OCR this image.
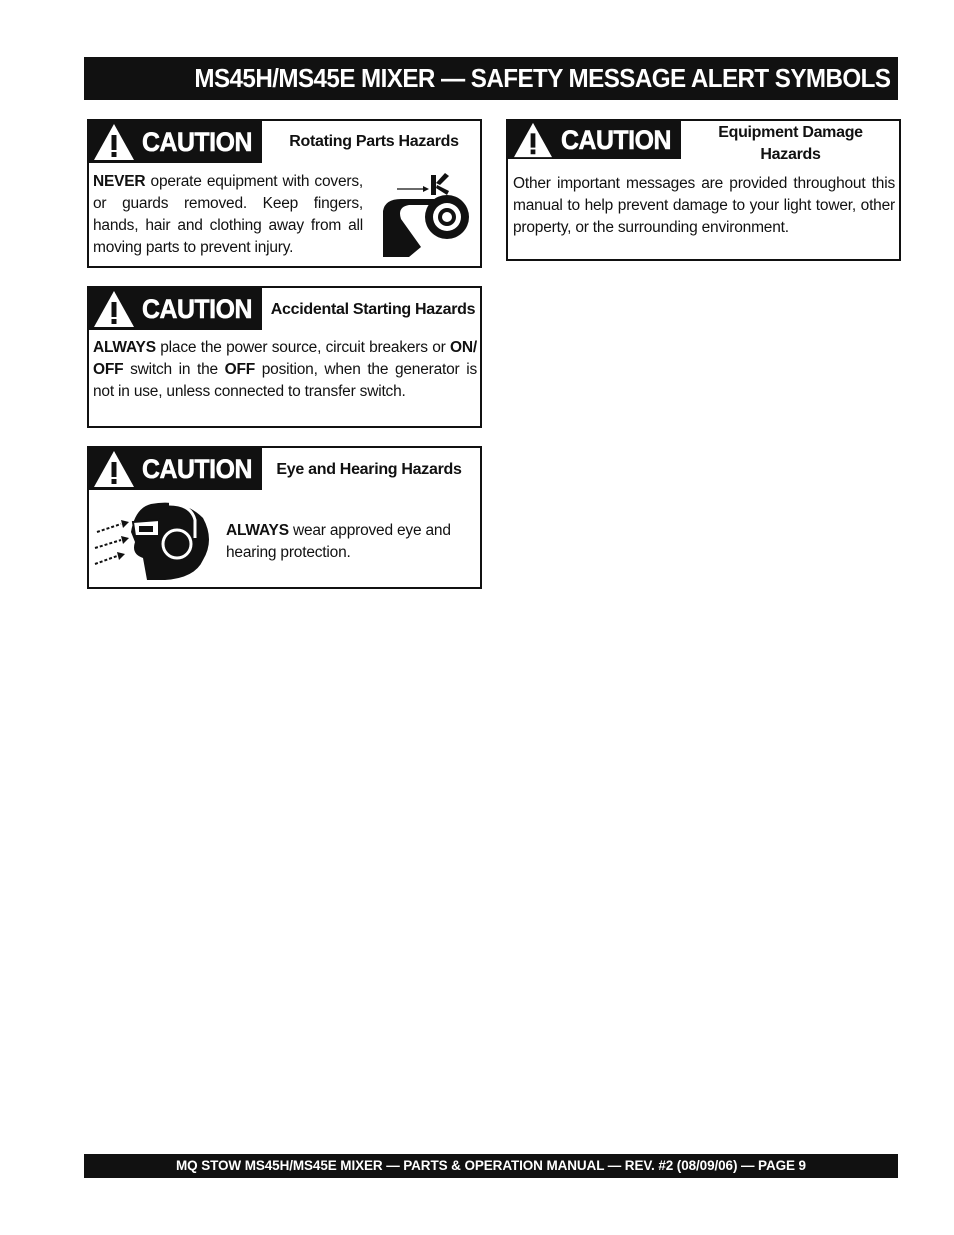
MS45H/MS45E MIXER — SAFETY MESSAGE ALERT SYMBOLS
CAUTION	Rotating Parts Hazards
NEVER operate equipment with covers, or guards removed. Keep fingers, hands, hair and clothing away from all moving parts to prevent injury.
CAUTION	Equipment Damage Hazards
Other important messages are provided throughout this manual to help prevent damage to your light tower, other property, or the surrounding environment.
CAUTION Accidental Starting Hazards
ALWAYS place the power source, circuit breakers or ON/ OFF switch in the OFF position, when the generator is not in use, unless connected to transfer switch.
CAUTION	Eye and Hearing Hazards
ALWAYS wear approved eye and hearing protection.
MQ STOW MS45H/MS45E MIXER — PARTS & OPERATION MANUAL — REV. #2 (08/09/06) — PAGE 9
